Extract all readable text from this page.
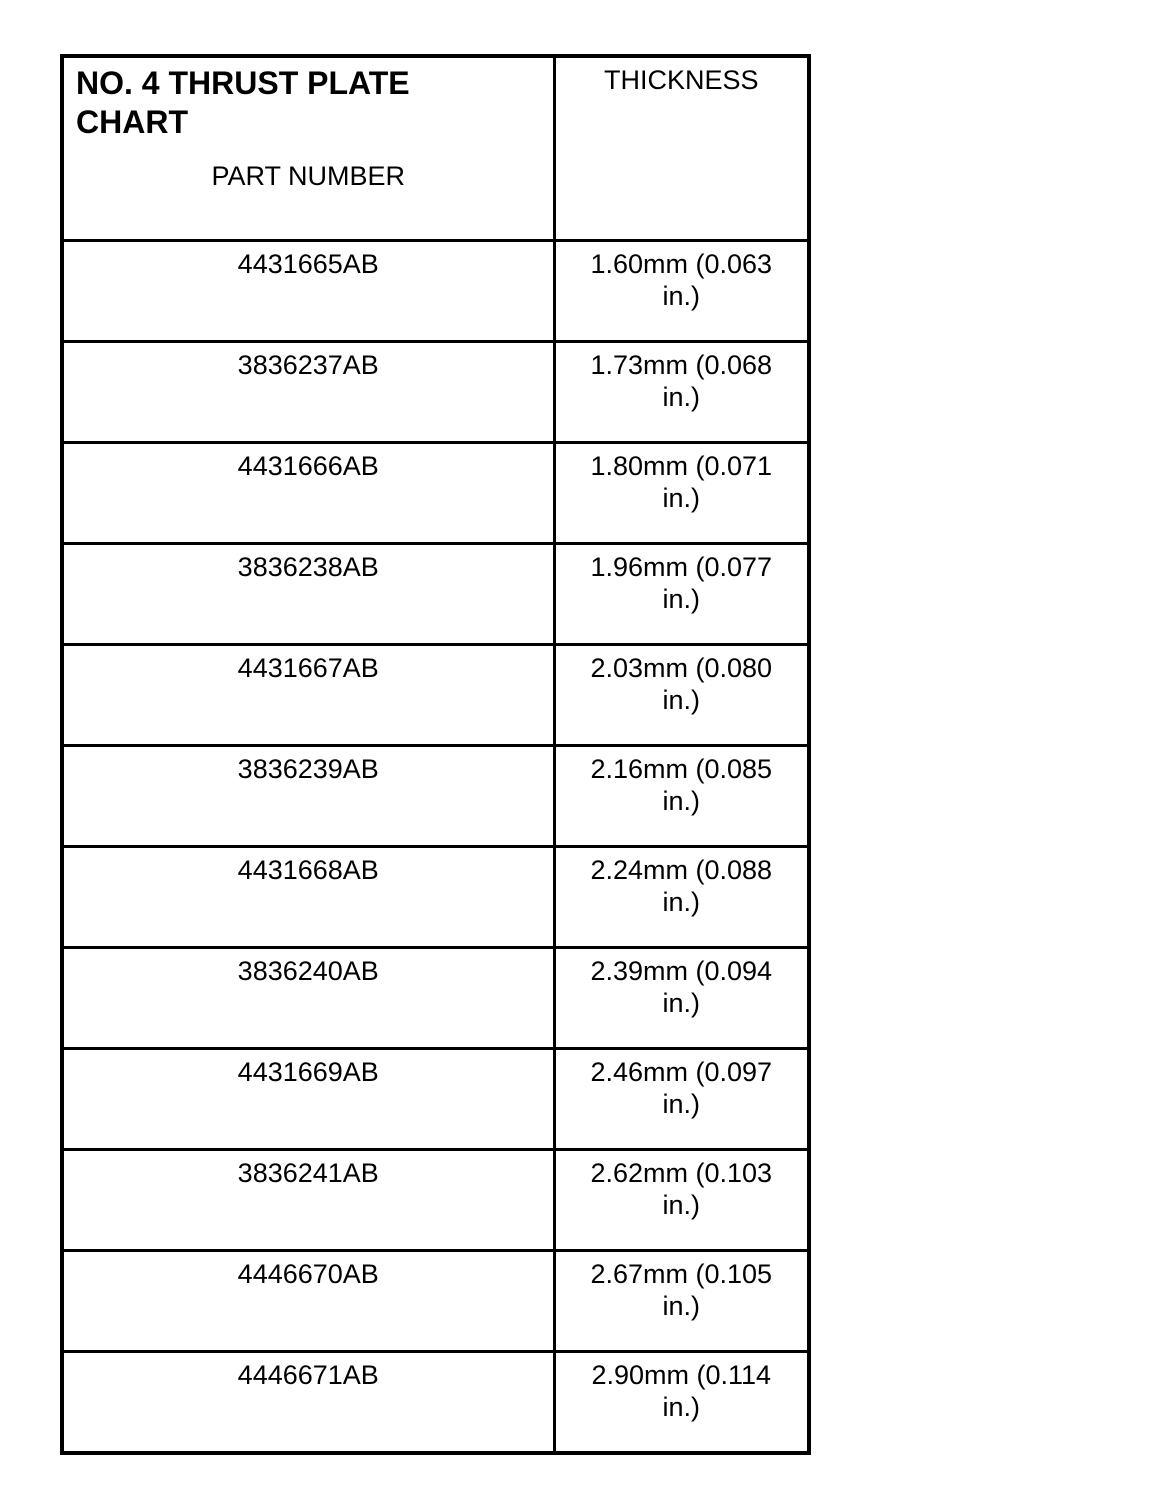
NO. 4 THRUST PLATE CHART
PART NUMBER	THICKNESS

4431665AB	1.60mm (0.063 in.)

3836237AB	1.73mm (0.068 in.)

4431666AB	1.80mm (0.071 in.)

3836238AB	1.96mm (0.077 in.)

4431667AB	2.03mm (0.080 in.)

3836239AB	2.16mm (0.085 in.)

4431668AB	2.24mm (0.088 in.)

3836240AB	2.39mm (0.094 in.)

4431669AB	2.46mm (0.097 in.)

3836241AB	2.62mm (0.103 in.)

4446670AB	2.67mm (0.105 in.)

4446671AB	2.90mm (0.114 in.)
